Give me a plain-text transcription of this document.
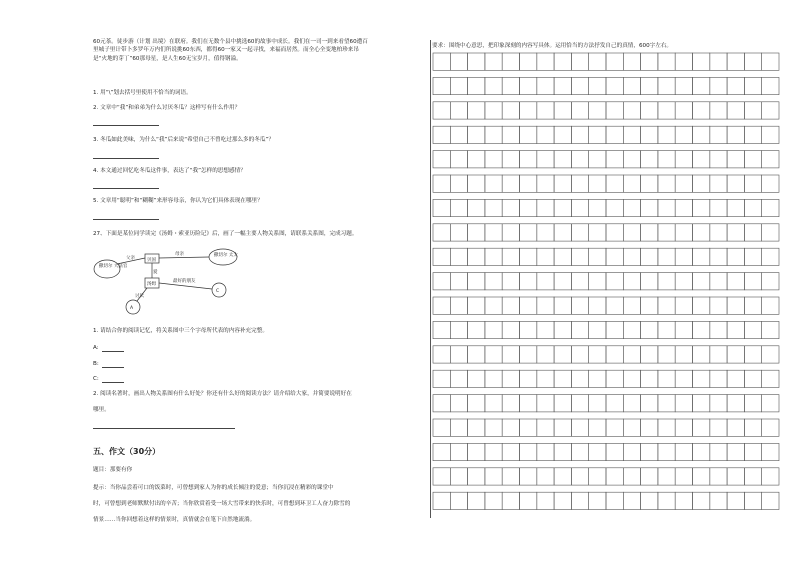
60元茶。徒步游（计划 出境）在联府。我们在无数个县中挑选60的故事中成长。我们在一司一到来看望60遭百

里城子里计带卜多罗年万内们所说挑60东西，都得60一家又一起寻找，来福而居然。而全心全变地柏珍来吊

是“火地的芽丁”60那母星，是人生60无宝岁月，值得钢溢。

1. 用“\”划去括号里使用不恰当的词语。
2. 文章中“我”和弟弟为什么讨厌冬瓜？这样写有什么作用？
3. 冬瓜如此美味，为什么“我”后来说“希望自己不曾吃过那么多的冬瓜”？
4. 本文通过回忆吃冬瓜这件事，表达了“我”怎样的思想感情？
5. 文章用“聪明”和“糊糊”来形容母亲，你认为它们具体表现在哪里？
27、下面是某位同学读完《汤姆・索亚历险记》后，画了一幅主要人物关系图，请联系关系图，完成习题。
撒切尔 大法官
父亲	贝国
母亲	撒切尔 太太
爱
汤姆
最好的朋友
讨厌
A
C
1. 请结合你的阅读记忆，将关系图中三个字母所代表的内容补充完整。
A:
B:
C:
2. 阅读名著时，画出人物关系图有什么好处？你还有什么好的阅读方法？请介绍给大家，并简要说明好在
哪里。
五、作文（30分）
题目：那要有你
提示：当你品尝着可口的饭菜时，可曾想到家人为你的成长倾注的爱意；当你沉浸在精彩的课堂中
时，可曾想到老师默默付出的辛苦；当你欣赏着受一场大雪带来的快乐时，可曾想到环卫工人奋力除雪的
情景……当你回想着这样的情景时，真情就会在笔下自然地流淌。
要求：围绕中心意思，把印象深刻的内容写具体。运用恰当的方法抒发自己的真情，600字左右。
